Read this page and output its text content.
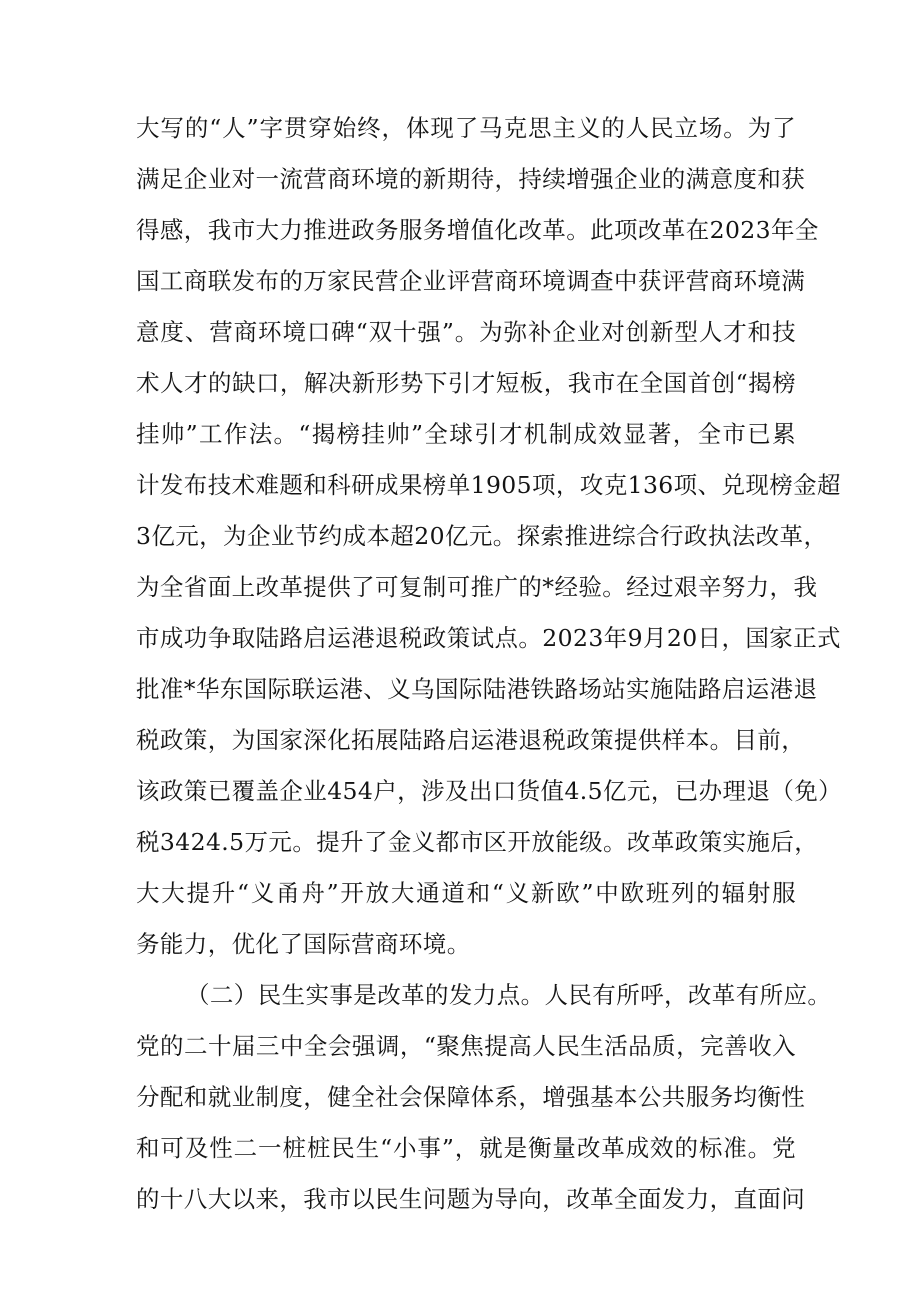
大写的“人”字贯穿始终，体现了马克思主义的人民立场。为了
满足企业对一流营商环境的新期待，持续增强企业的满意度和获
得感，我市大力推进政务服务增值化改革。此项改革在2023年全
国工商联发布的万家民营企业评营商环境调查中获评营商环境满
意度、营商环境口碑“双十强”。为弥补企业对创新型人才和技
术人才的缺口，解决新形势下引才短板，我市在全国首创“揭榜
挂帅”工作法。“揭榜挂帅”全球引才机制成效显著，全市已累
计发布技术难题和科研成果榜单1905项，攻克136项、兑现榜金超
3亿元，为企业节约成本超20亿元。探索推进综合行政执法改革，
为全省面上改革提供了可复制可推广的*经验。经过艰辛努力，我
市成功争取陆路启运港退税政策试点。2023年9月20日，国家正式
批准*华东国际联运港、义乌国际陆港铁路场站实施陆路启运港退
税政策，为国家深化拓展陆路启运港退税政策提供样本。目前，
该政策已覆盖企业454户，涉及出口货值4.5亿元，已办理退（免）
税3424.5万元。提升了金义都市区开放能级。改革政策实施后，
大大提升“义甬舟”开放大通道和“义新欧”中欧班列的辐射服
务能力，优化了国际营商环境。
（二）民生实事是改革的发力点。人民有所呼，改革有所应。
党的二十届三中全会强调，“聚焦提高人民生活品质，完善收入
分配和就业制度，健全社会保障体系，增强基本公共服务均衡性
和可及性二一桩桩民生“小事”，就是衡量改革成效的标准。党
的十八大以来，我市以民生问题为导向，改革全面发力，直面问
